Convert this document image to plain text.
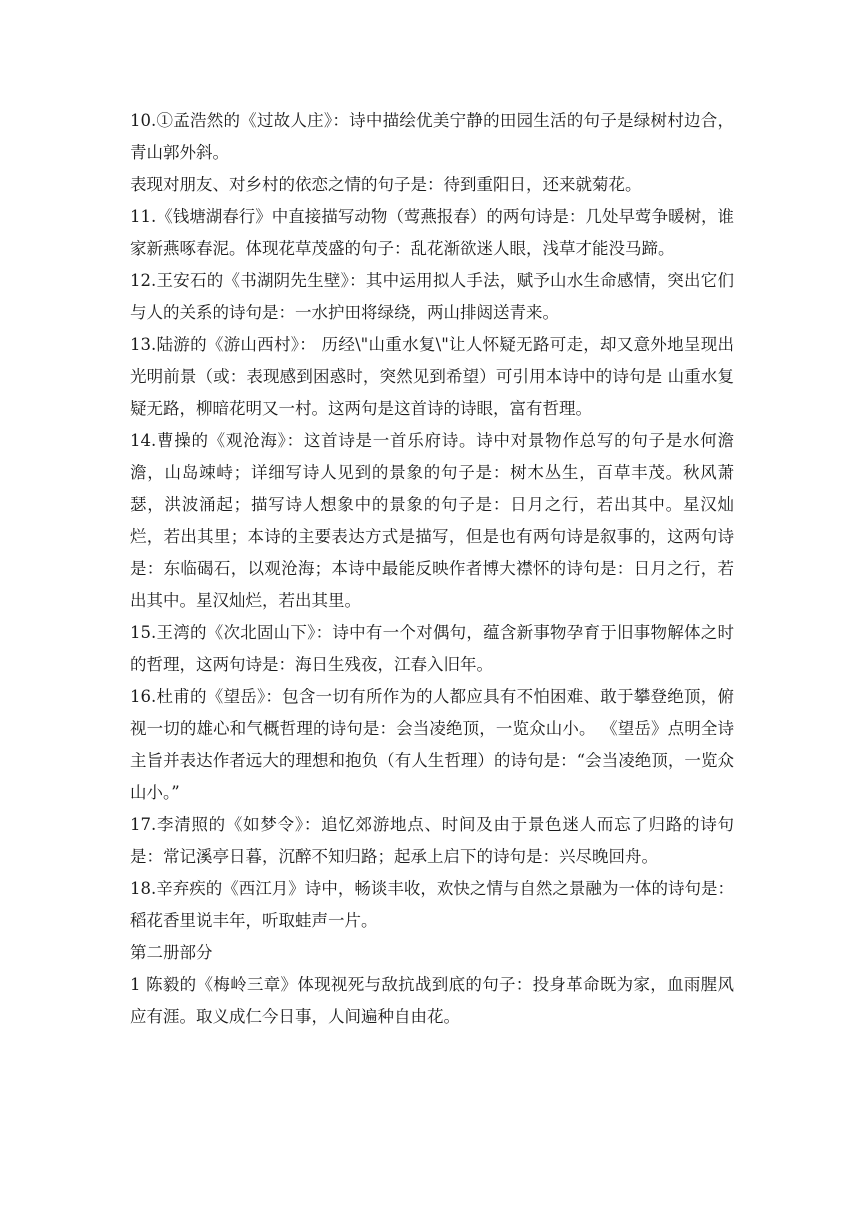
10.①孟浩然的《过故人庄》：诗中描绘优美宁静的田园生活的句子是绿树村边合，青山郭外斜。

表现对朋友、对乡村的依恋之情的句子是：待到重阳日，还来就菊花。

11.《钱塘湖春行》中直接描写动物（莺燕报春）的两句诗是：几处早莺争暖树，谁家新燕啄春泥。体现花草茂盛的句子：乱花渐欲迷人眼，浅草才能没马蹄。

12.王安石的《书湖阴先生壁》：其中运用拟人手法，赋予山水生命感情，突出它们与人的关系的诗句是：一水护田将绿绕，两山排闼送青来。

13.陆游的《游山西村》： 历经\"山重水复\"让人怀疑无路可走，却又意外地呈现出光明前景（或：表现感到困惑时，突然见到希望）可引用本诗中的诗句是 山重水复疑无路，柳暗花明又一村。这两句是这首诗的诗眼，富有哲理。

14.曹操的《观沧海》：这首诗是一首乐府诗。诗中对景物作总写的句子是水何澹澹，山岛竦峙；详细写诗人见到的景象的句子是：树木丛生，百草丰茂。秋风萧瑟，洪波涌起；描写诗人想象中的景象的句子是：日月之行，若出其中。星汉灿烂，若出其里；本诗的主要表达方式是描写，但是也有两句诗是叙事的，这两句诗是：东临碣石，以观沧海；本诗中最能反映作者博大襟怀的诗句是：日月之行，若出其中。星汉灿烂，若出其里。

15.王湾的《次北固山下》：诗中有一个对偶句，蕴含新事物孕育于旧事物解体之时的哲理，这两句诗是：海日生残夜，江春入旧年。

16.杜甫的《望岳》：包含一切有所作为的人都应具有不怕困难、敢于攀登绝顶，俯视一切的雄心和气概哲理的诗句是：会当凌绝顶，一览众山小。 《望岳》点明全诗主旨并表达作者远大的理想和抱负（有人生哲理）的诗句是：“会当凌绝顶，一览众山小。”

17.李清照的《如梦令》：追忆郊游地点、时间及由于景色迷人而忘了归路的诗句是：常记溪亭日暮，沉醉不知归路；起承上启下的诗句是：兴尽晚回舟。

18.辛弃疾的《西江月》诗中，畅谈丰收，欢快之情与自然之景融为一体的诗句是：稻花香里说丰年，听取蛙声一片。

第二册部分

1 陈毅的《梅岭三章》体现视死与敌抗战到底的句子：投身革命既为家，血雨腥风应有涯。取义成仁今日事，人间遍种自由花。
